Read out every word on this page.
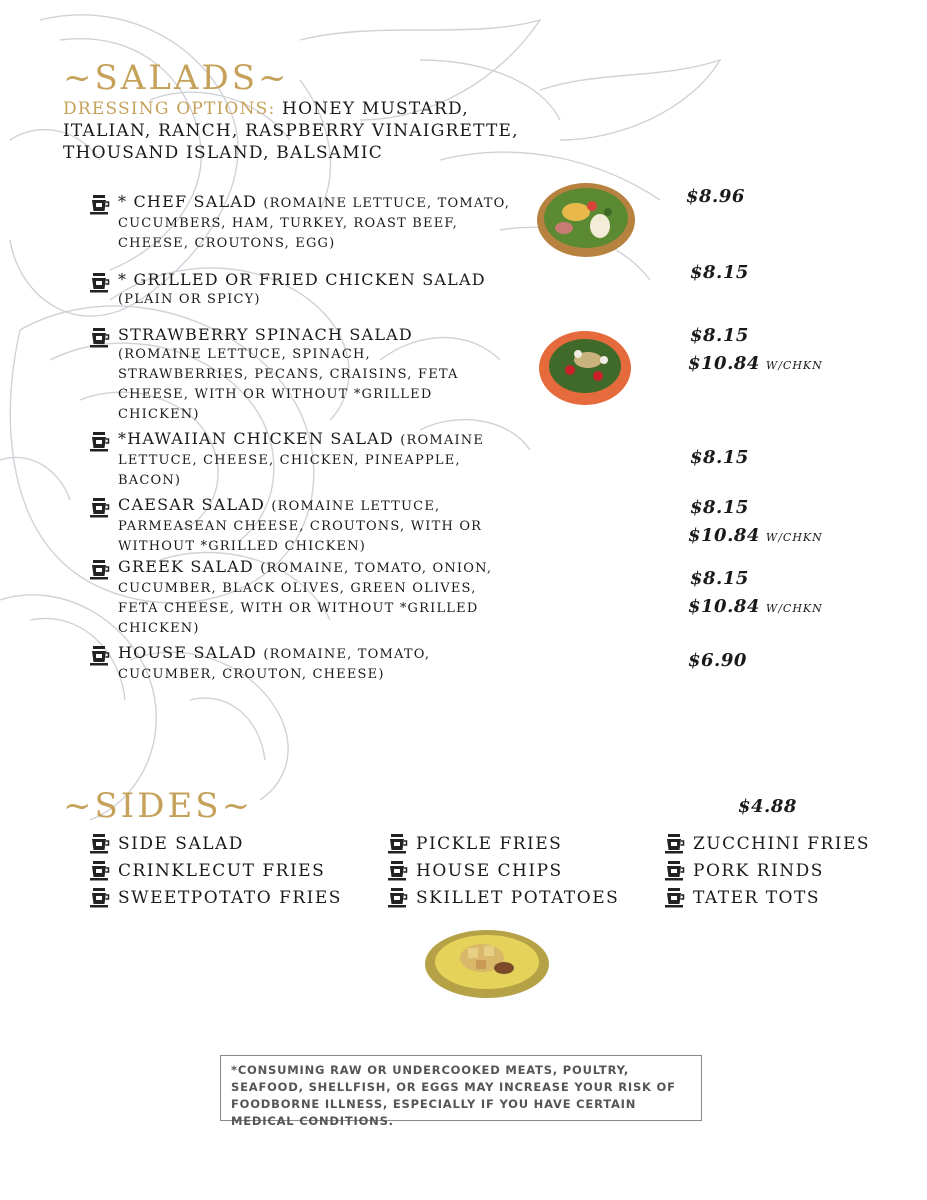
~SALADS~
DRESSING OPTIONS: HONEY MUSTARD, ITALIAN, RANCH, RASPBERRY VINAIGRETTE, THOUSAND ISLAND, BALSAMIC
* CHEF SALAD (ROMAINE LETTUCE, TOMATO, CUCUMBERS, HAM, TURKEY, ROAST BEEF, CHEESE, CROUTONS, EGG)
* GRILLED OR FRIED CHICKEN SALAD
(PLAIN OR SPICY)
STRAWBERRY SPINACH SALAD
(ROMAINE LETTUCE, SPINACH, STRAWBERRIES, PECANS, CRAISINS, FETA CHEESE, WITH OR WITHOUT *GRILLED CHICKEN)
*HAWAIIAN CHICKEN SALAD (ROMAINE LETTUCE, CHEESE, CHICKEN, PINEAPPLE, BACON)
CAESAR SALAD (ROMAINE LETTUCE, PARMEASEAN CHEESE, CROUTONS, WITH OR WITHOUT *GRILLED CHICKEN)
GREEK SALAD (ROMAINE, TOMATO, ONION, CUCUMBER, BLACK OLIVES, GREEN OLIVES, FETA CHEESE, WITH OR WITHOUT *GRILLED CHICKEN)
HOUSE SALAD (ROMAINE, TOMATO, CUCUMBER, CROUTON, CHEESE)
$8.96
$8.15
$8.15
$10.84 W/CHKN
$8.15
$8.15
$10.84 W/CHKN
$8.15
$10.84 W/CHKN
$6.90
~SIDES~	$4.88
SIDE SALAD
CRINKLECUT FRIES
SWEETPOTATO FRIES
PICKLE FRIES
HOUSE CHIPS
SKILLET POTATOES
ZUCCHINI FRIES
PORK RINDS
TATER TOTS
*CONSUMING RAW OR UNDERCOOKED MEATS, POULTRY, SEAFOOD, SHELLFISH, OR EGGS MAY INCREASE YOUR RISK OF FOODBORNE ILLNESS, ESPECIALLY IF YOU HAVE CERTAIN MEDICAL CONDITIONS.
